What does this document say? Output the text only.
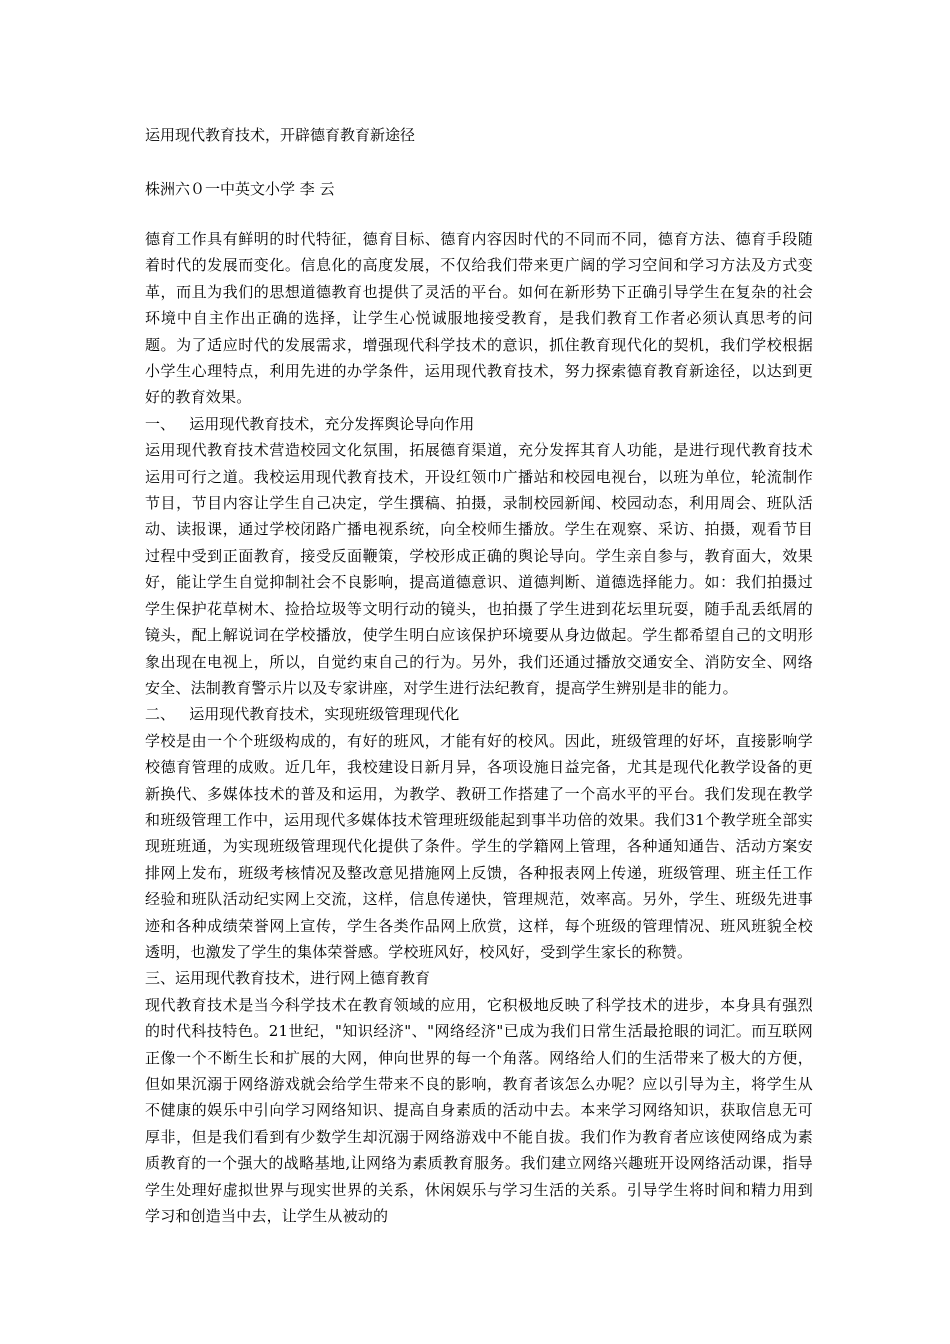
运用现代教育技术，开辟德育教育新途径
株洲六０一中英文小学 李 云

德育工作具有鲜明的时代特征，德育目标、德育内容因时代的不同而不同，德育方法、德育手段随着时代的发展而变化。信息化的高度发展，不仅给我们带来更广阔的学习空间和学习方法及方式变革，而且为我们的思想道德教育也提供了灵活的平台。如何在新形势下正确引导学生在复杂的社会环境中自主作出正确的选择，让学生心悦诚服地接受教育，是我们教育工作者必须认真思考的问题。为了适应时代的发展需求，增强现代科学技术的意识，抓住教育现代化的契机，我们学校根据小学生心理特点，利用先进的办学条件，运用现代教育技术，努力探索德育教育新途径，以达到更好的教育效果。

一、   运用现代教育技术，充分发挥舆论导向作用

运用现代教育技术营造校园文化氛围，拓展德育渠道，充分发挥其育人功能，是进行现代教育技术运用可行之道。我校运用现代教育技术，开设红领巾广播站和校园电视台，以班为单位，轮流制作节目，节目内容让学生自己决定，学生撰稿、拍摄，录制校园新闻、校园动态，利用周会、班队活动、读报课，通过学校闭路广播电视系统，向全校师生播放。学生在观察、采访、拍摄，观看节目过程中受到正面教育，接受反面鞭策，学校形成正确的舆论导向。学生亲自参与，教育面大，效果好，能让学生自觉抑制社会不良影响，提高道德意识、道德判断、道德选择能力。如：我们拍摄过学生保护花草树木、捡拾垃圾等文明行动的镜头，也拍摄了学生进到花坛里玩耍，随手乱丢纸屑的镜头，配上解说词在学校播放，使学生明白应该保护环境要从身边做起。学生都希望自己的文明形象出现在电视上，所以，自觉约束自己的行为。另外，我们还通过播放交通安全、消防安全、网络安全、法制教育警示片以及专家讲座，对学生进行法纪教育，提高学生辨别是非的能力。

二、   运用现代教育技术，实现班级管理现代化

学校是由一个个班级构成的，有好的班风，才能有好的校风。因此，班级管理的好坏，直接影响学校德育管理的成败。近几年，我校建设日新月异，各项设施日益完备，尤其是现代化教学设备的更新换代、多媒体技术的普及和运用，为教学、教研工作搭建了一个高水平的平台。我们发现在教学和班级管理工作中，运用现代多媒体技术管理班级能起到事半功倍的效果。我们31个教学班全部实现班班通，为实现班级管理现代化提供了条件。学生的学籍网上管理，各种通知通告、活动方案安排网上发布，班级考核情况及整改意见措施网上反馈，各种报表网上传递，班级管理、班主任工作经验和班队活动纪实网上交流，这样，信息传递快，管理规范，效率高。另外，学生、班级先进事迹和各种成绩荣誉网上宣传，学生各类作品网上欣赏，这样，每个班级的管理情况、班风班貌全校透明，也激发了学生的集体荣誉感。学校班风好，校风好，受到学生家长的称赞。

三、运用现代教育技术，进行网上德育教育

现代教育技术是当今科学技术在教育领域的应用，它积极地反映了科学技术的进步，本身具有强烈的时代科技特色。21世纪，"知识经济"、"网络经济"已成为我们日常生活最抢眼的词汇。而互联网正像一个不断生长和扩展的大网，伸向世界的每一个角落。网络给人们的生活带来了极大的方便，但如果沉溺于网络游戏就会给学生带来不良的影响，教育者该怎么办呢？应以引导为主，将学生从不健康的娱乐中引向学习网络知识、提高自身素质的活动中去。本来学习网络知识，获取信息无可厚非，但是我们看到有少数学生却沉溺于网络游戏中不能自拔。我们作为教育者应该使网络成为素质教育的一个强大的战略基地,让网络为素质教育服务。我们建立网络兴趣班开设网络活动课，指导学生处理好虚拟世界与现实世界的关系，休闲娱乐与学习生活的关系。引导学生将时间和精力用到学习和创造当中去，让学生从被动的
